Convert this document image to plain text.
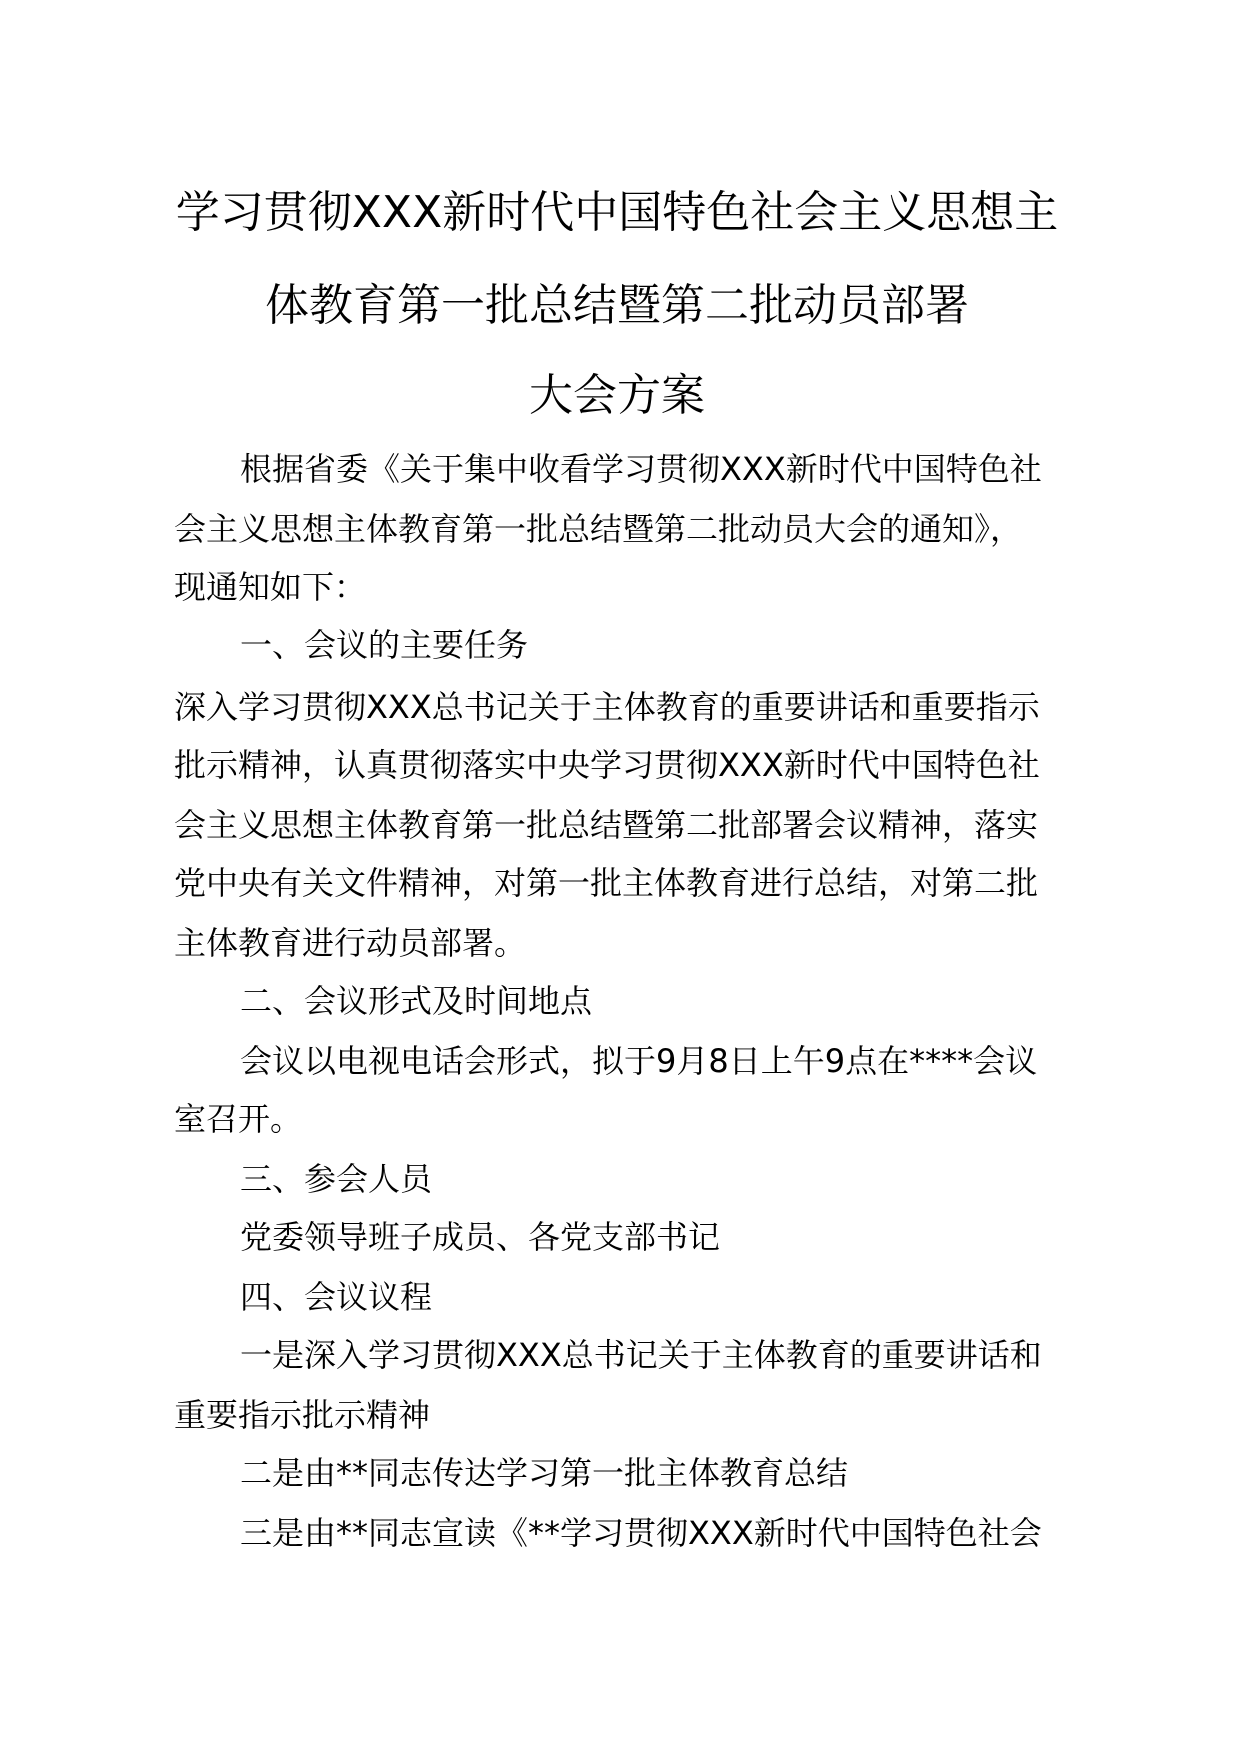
学习贯彻XXX新时代中国特色社会主义思想主
体教育第一批总结暨第二批动员部署
大会方案
根据省委《关于集中收看学习贯彻XXX新时代中国特色社
会主义思想主体教育第一批总结暨第二批动员大会的通知》，
现通知如下：
一、会议的主要任务
深入学习贯彻XXX总书记关于主体教育的重要讲话和重要指示
批示精神，认真贯彻落实中央学习贯彻XXX新时代中国特色社
会主义思想主体教育第一批总结暨第二批部署会议精神，落实
党中央有关文件精神，对第一批主体教育进行总结，对第二批
主体教育进行动员部署。
二、会议形式及时间地点
会议以电视电话会形式，拟于9月8日上午9点在****会议
室召开。
三、参会人员
党委领导班子成员、各党支部书记
四、会议议程
一是深入学习贯彻XXX总书记关于主体教育的重要讲话和
重要指示批示精神
二是由**同志传达学习第一批主体教育总结
三是由**同志宣读《**学习贯彻XXX新时代中国特色社会
